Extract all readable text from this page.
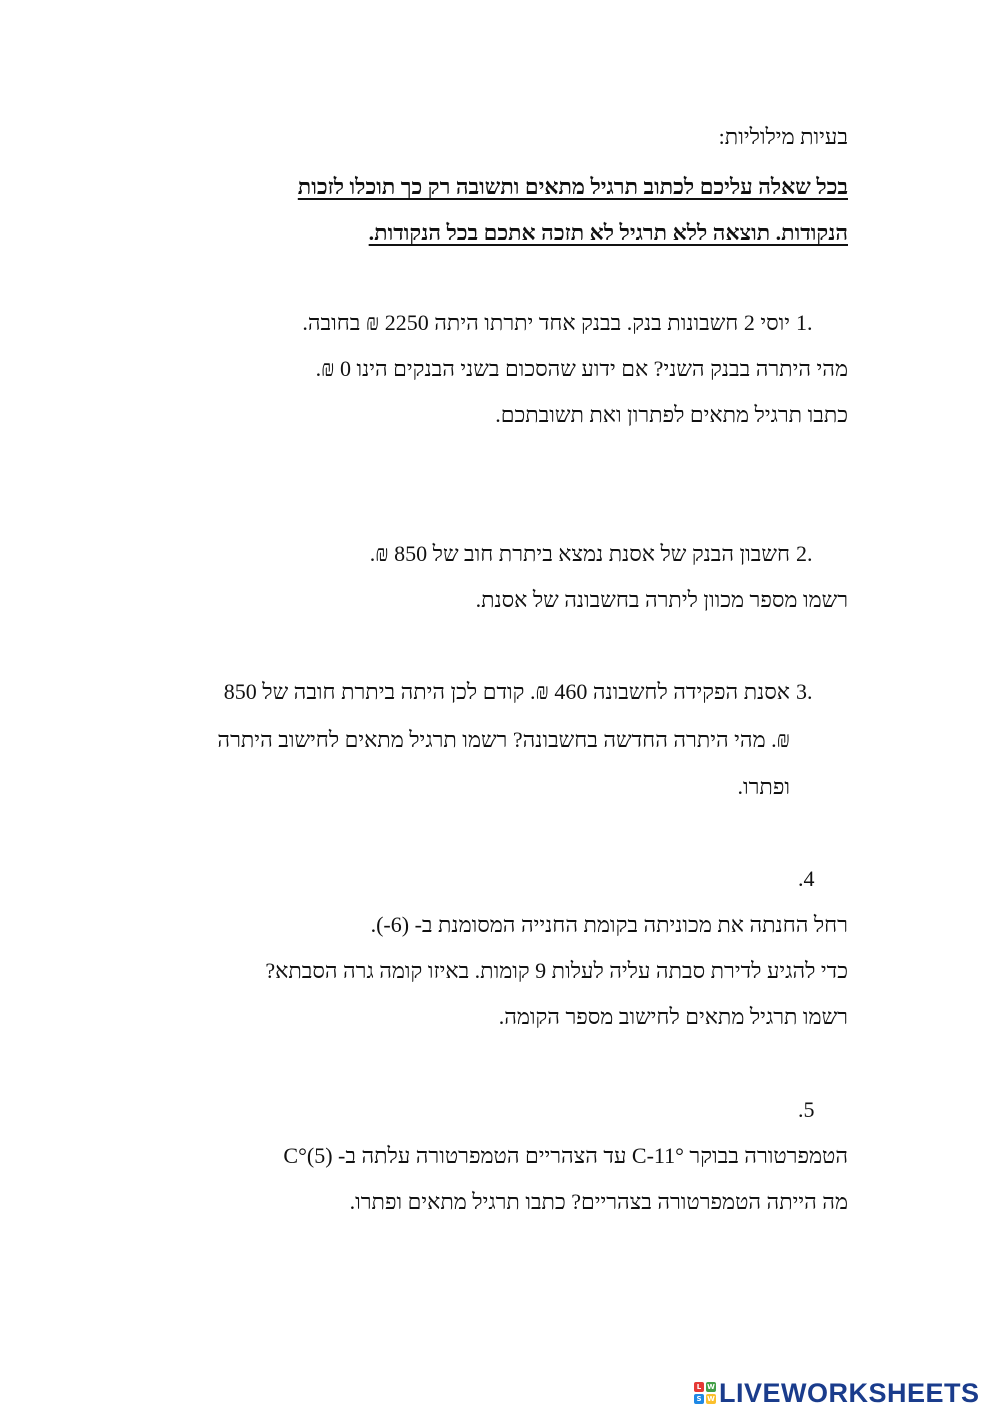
בעיות מילוליות:
בכל שאלה עליכם לכתוב תרגיל מתאים ותשובה רק כך תוכלו לזכות
הנקודות. תוצאה ללא תרגיל לא תזכה אתכם בכל הנקודות.
1.
יוסי 2 חשבונות בנק. בבנק אחד יתרתו היתה 2250 ₪ בחובה.
מהי היתרה בבנק השני? אם ידוע שהסכום בשני הבנקים הינו 0 ₪.
כתבו תרגיל מתאים לפתרון ואת תשובתכם.
2.
חשבון הבנק של אסנת נמצא ביתרת חוב של 850 ₪.
רשמו מספר מכוון ליתרה בחשבונה של אסנת.
3.
אסנת הפקידה לחשבונה 460 ₪. קודם לכן היתה ביתרת חובה של 850
₪. מהי היתרה החדשה בחשבונה? רשמו תרגיל מתאים לחישוב היתרה
ופתרו.
.4
רחל החנתה את מכוניתה בקומת החנייה המסומנת ב- (6-).
כדי להגיע לדירת סבתה עליה לעלות 9 קומות. באיזו קומה גרה הסבתא?
רשמו תרגיל מתאים לחישוב מספר הקומה.
.5
הטמפרטורה בבוקר C-11° עד הצהריים הטמפרטורה עלתה ב- C°(5)
מה הייתה הטמפרטורה בצהריים? כתבו תרגיל מתאים ופתרו.
L W
S W LIVEWORKSHEETS
